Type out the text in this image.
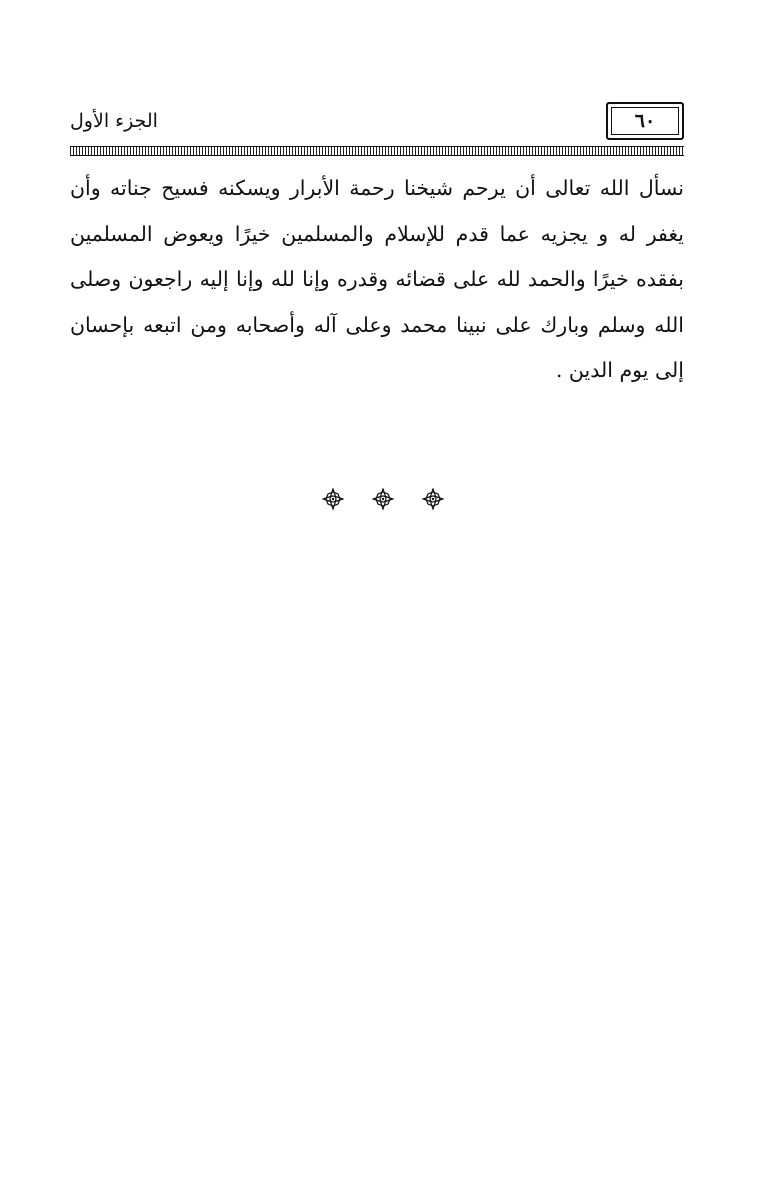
الجزء الأول	٦٠
نسأل الله تعالى أن يرحم شيخنا رحمة الأبرار ويسكنه فسيح جناته وأن يغفر له و يجزيه عما قدم للإسلام والمسلمين خيرًا ويعوض المسلمين بفقده خيرًا والحمد لله على قضائه وقدره وإنا لله وإنا إليه راجعون وصلى الله وسلم وبارك على نبينا محمد وعلى آله وأصحابه ومن اتبعه بإحسان إلى يوم الدين .
